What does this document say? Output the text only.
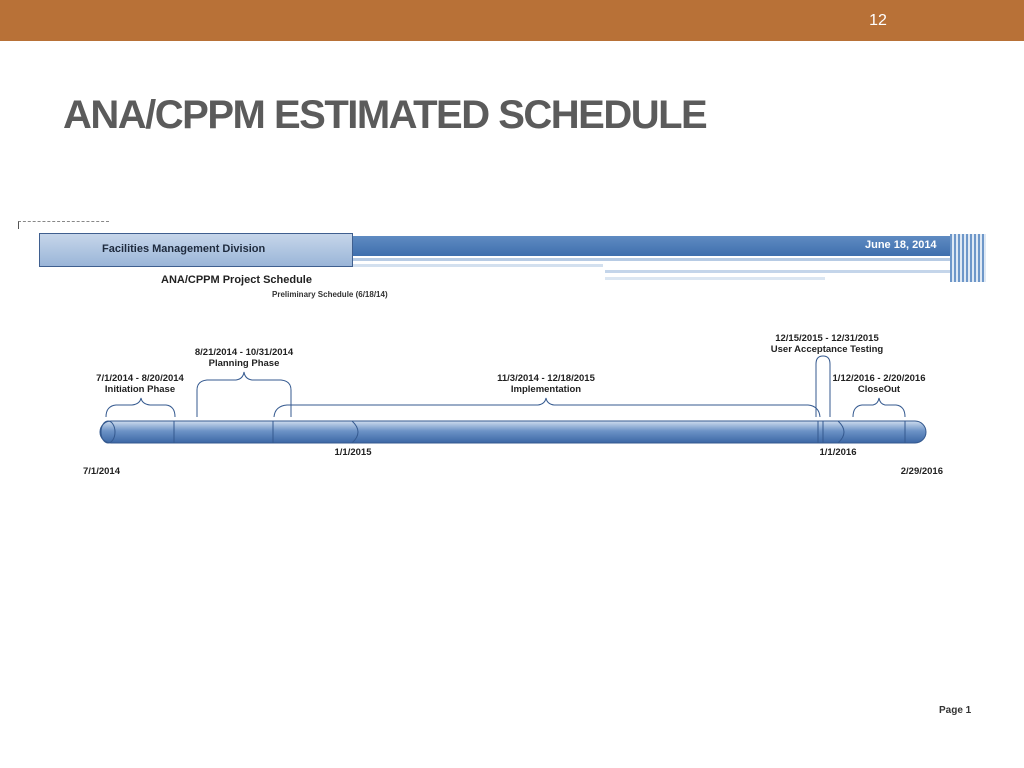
12
ANA/CPPM ESTIMATED SCHEDULE
Facilities Management Division	June 18, 2014
ANA/CPPM Project Schedule
Preliminary Schedule (6/18/14)
7/1/2014 - 8/20/2014
Initiation Phase
8/21/2014 - 10/31/2014
Planning Phase
11/3/2014 - 12/18/2015
Implementation
12/15/2015 - 12/31/2015
User Acceptance Testing
1/12/2016 - 2/20/2016
CloseOut
1/1/2015	1/1/2016
7/1/2014	2/29/2016
Page 1
